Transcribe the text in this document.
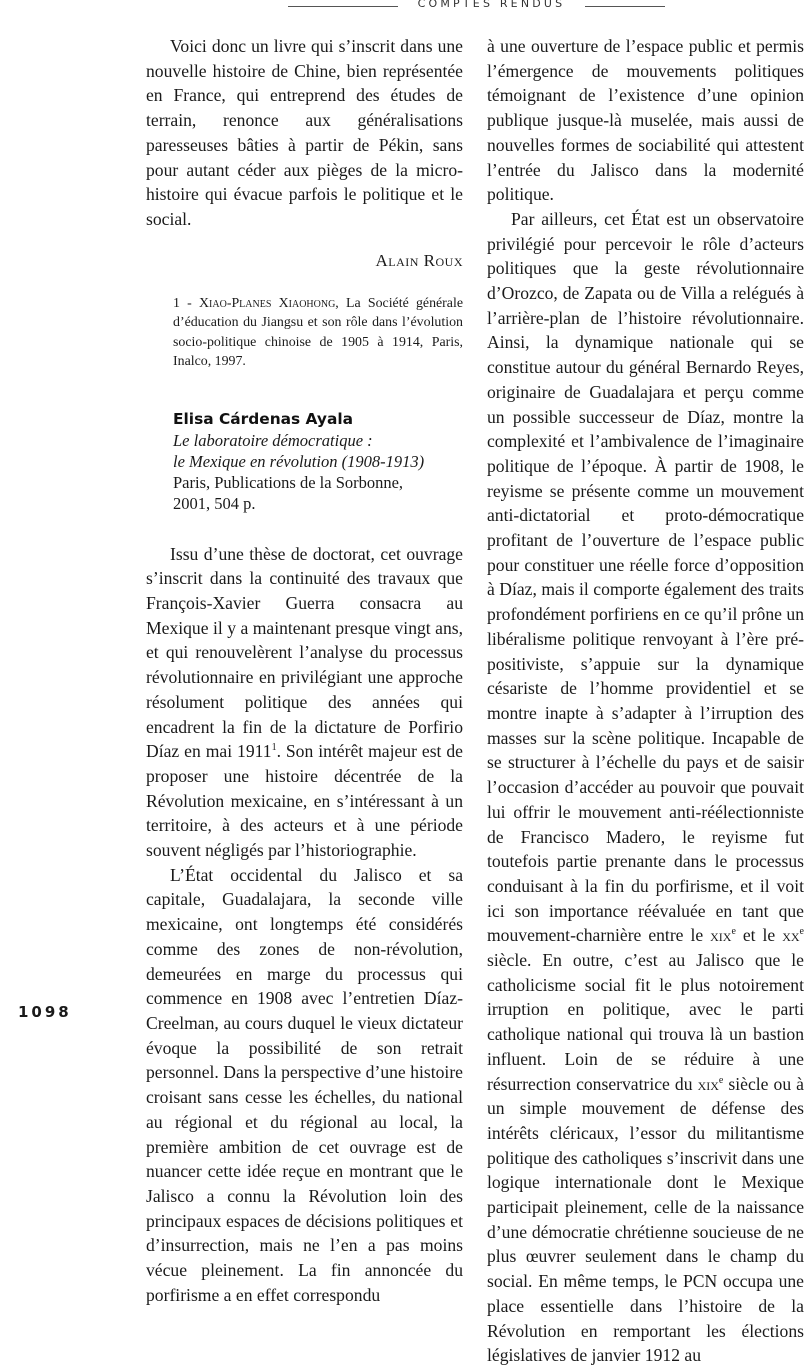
COMPTES RENDUS

Voici donc un livre qui s’inscrit dans une nouvelle histoire de Chine, bien représentée en France, qui entreprend des études de terrain, renonce aux généralisations paresseuses bâties à partir de Pékin, sans pour autant céder aux pièges de la micro-histoire qui évacue parfois le politique et le social.

Alain Roux
1 - Xiao-Planes Xiaohong, La Société générale d’éducation du Jiangsu et son rôle dans l’évolution socio-politique chinoise de 1905 à 1914, Paris, Inalco, 1997.
Elisa Cárdenas Ayala
Le laboratoire démocratique :
le Mexique en révolution (1908-1913)
Paris, Publications de la Sorbonne,
2001, 504 p.

Issu d’une thèse de doctorat, cet ouvrage s’inscrit dans la continuité des travaux que François-Xavier Guerra consacra au Mexique il y a maintenant presque vingt ans, et qui renouvelèrent l’analyse du processus révolutionnaire en privilégiant une approche résolument politique des années qui encadrent la fin de la dictature de Porfirio Díaz en mai 1911$^1$. Son intérêt majeur est de proposer une histoire décentrée de la Révolution mexicaine, en s’intéressant à un territoire, à des acteurs et à une période souvent négligés par l’historiographie.

L’État occidental du Jalisco et sa capitale, Guadalajara, la seconde ville mexicaine, ont longtemps été considérés comme des zones de non-révolution, demeurées en marge du processus qui commence en 1908 avec l’entretien Díaz-Creelman, au cours duquel le vieux dictateur évoque la possibilité de son retrait personnel. Dans la perspective d’une histoire croisant sans cesse les échelles, du national au régional et du régional au local, la première ambition de cet ouvrage est de nuancer cette idée reçue en montrant que le Jalisco a connu la Révolution loin des principaux espaces de décisions politiques et d’insurrection, mais ne l’en a pas moins vécue pleinement. La fin annoncée du porfirisme a en effet correspondu

à une ouverture de l’espace public et permis l’émergence de mouvements politiques témoignant de l’existence d’une opinion publique jusque-là muselée, mais aussi de nouvelles formes de sociabilité qui attestent l’entrée du Jalisco dans la modernité politique.

Par ailleurs, cet État est un observatoire privilégié pour percevoir le rôle d’acteurs politiques que la geste révolutionnaire d’Orozco, de Zapata ou de Villa a relégués à l’arrière-plan de l’histoire révolutionnaire. Ainsi, la dynamique nationale qui se constitue autour du général Bernardo Reyes, originaire de Guadalajara et perçu comme un possible successeur de Díaz, montre la complexité et l’ambivalence de l’imaginaire politique de l’époque. À partir de 1908, le reyisme se présente comme un mouvement anti-dictatorial et proto-démocratique profitant de l’ouverture de l’espace public pour constituer une réelle force d’opposition à Díaz, mais il comporte également des traits profondément porfiriens en ce qu’il prône un libéralisme politique renvoyant à l’ère pré-positiviste, s’appuie sur la dynamique césariste de l’homme providentiel et se montre inapte à s’adapter à l’irruption des masses sur la scène politique. Incapable de se structurer à l’échelle du pays et de saisir l’occasion d’accéder au pouvoir que pouvait lui offrir le mouvement anti-réélectionniste de Francisco Madero, le reyisme fut toutefois partie prenante dans le processus conduisant à la fin du porfirisme, et il voit ici son importance réévaluée en tant que mouvement-charnière entre le xix$^e$ et le $xx^e$ siècle. En outre, c’est au Jalisco que le catholicisme social fit le plus notoirement irruption en politique, avec le parti catholique national qui trouva là un bastion influent. Loin de se réduire à une résurrection conservatrice du xix$^e$ siècle ou à un simple mouvement de défense des intérêts cléricaux, l’essor du militantisme politique des catholiques s’inscrivit dans une logique internationale dont le Mexique participait pleinement, celle de la naissance d’une démocratie chrétienne soucieuse de ne plus œuvrer seulement dans le champ du social. En même temps, le PCN occupa une place essentielle dans l’histoire de la Révolution en remportant les élections législatives de janvier 1912 au

1098
